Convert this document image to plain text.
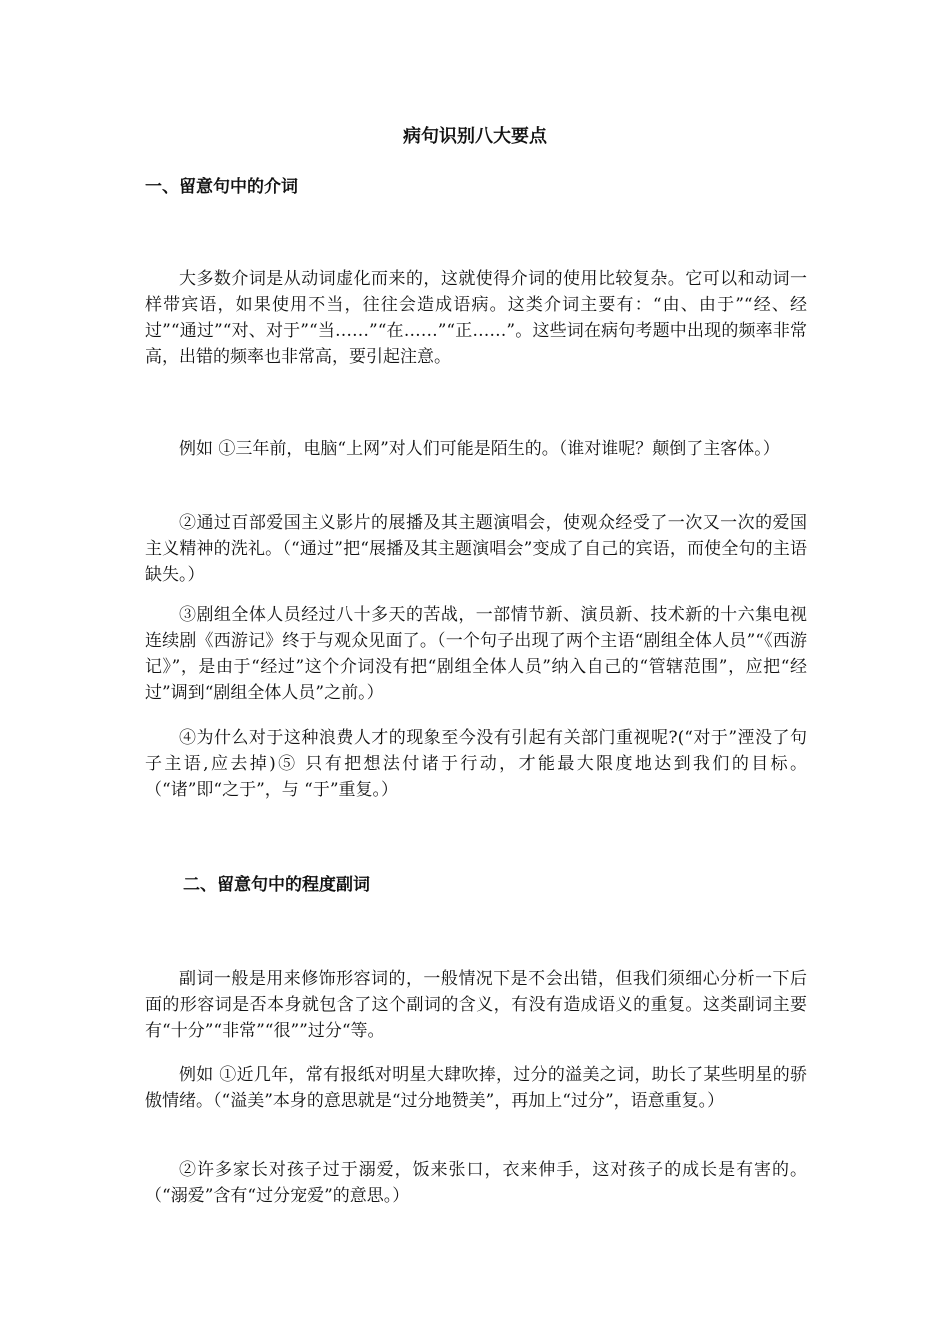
病句识别八大要点
一、留意句中的介词

大多数介词是从动词虚化而来的，这就使得介词的使用比较复杂。它可以和动词一样带宾语，如果使用不当，往往会造成语病。这类介词主要有：“由、由于”“经、经过”“通过”“对、对于”“当……”“在……”“正……”。这些词在病句考题中出现的频率非常高，出错的频率也非常高，要引起注意。

例如 ①三年前，电脑“上网”对人们可能是陌生的。（谁对谁呢？颠倒了主客体。）

②通过百部爱国主义影片的展播及其主题演唱会，使观众经受了一次又一次的爱国主义精神的洗礼。（“通过”把“展播及其主题演唱会”变成了自己的宾语，而使全句的主语缺失。）

③剧组全体人员经过八十多天的苦战，一部情节新、演员新、技术新的十六集电视连续剧《西游记》终于与观众见面了。（一个句子出现了两个主语“剧组全体人员”“《西游记》”，是由于“经过”这个介词没有把“剧组全体人员”纳入自己的“管辖范围”，应把“经过”调到“剧组全体人员”之前。）

④为什么对于这种浪费人才的现象至今没有引起有关部门重视呢?(“对于”湮没了句子主语,应去掉)⑤ 只有把想法付诸于行动，才能最大限度地达到我们的目标。（“诸”即“之于”，与 “于”重复。）

二、留意句中的程度副词

副词一般是用来修饰形容词的，一般情况下是不会出错，但我们须细心分析一下后面的形容词是否本身就包含了这个副词的含义，有没有造成语义的重复。这类副词主要有“十分”“非常”“很””过分“等。

例如 ①近几年，常有报纸对明星大肆吹捧，过分的溢美之词，助长了某些明星的骄傲情绪。（“溢美”本身的意思就是“过分地赞美”，再加上“过分”，语意重复。）

②许多家长对孩子过于溺爱，饭来张口，衣来伸手，这对孩子的成长是有害的。（“溺爱”含有“过分宠爱”的意思。）
